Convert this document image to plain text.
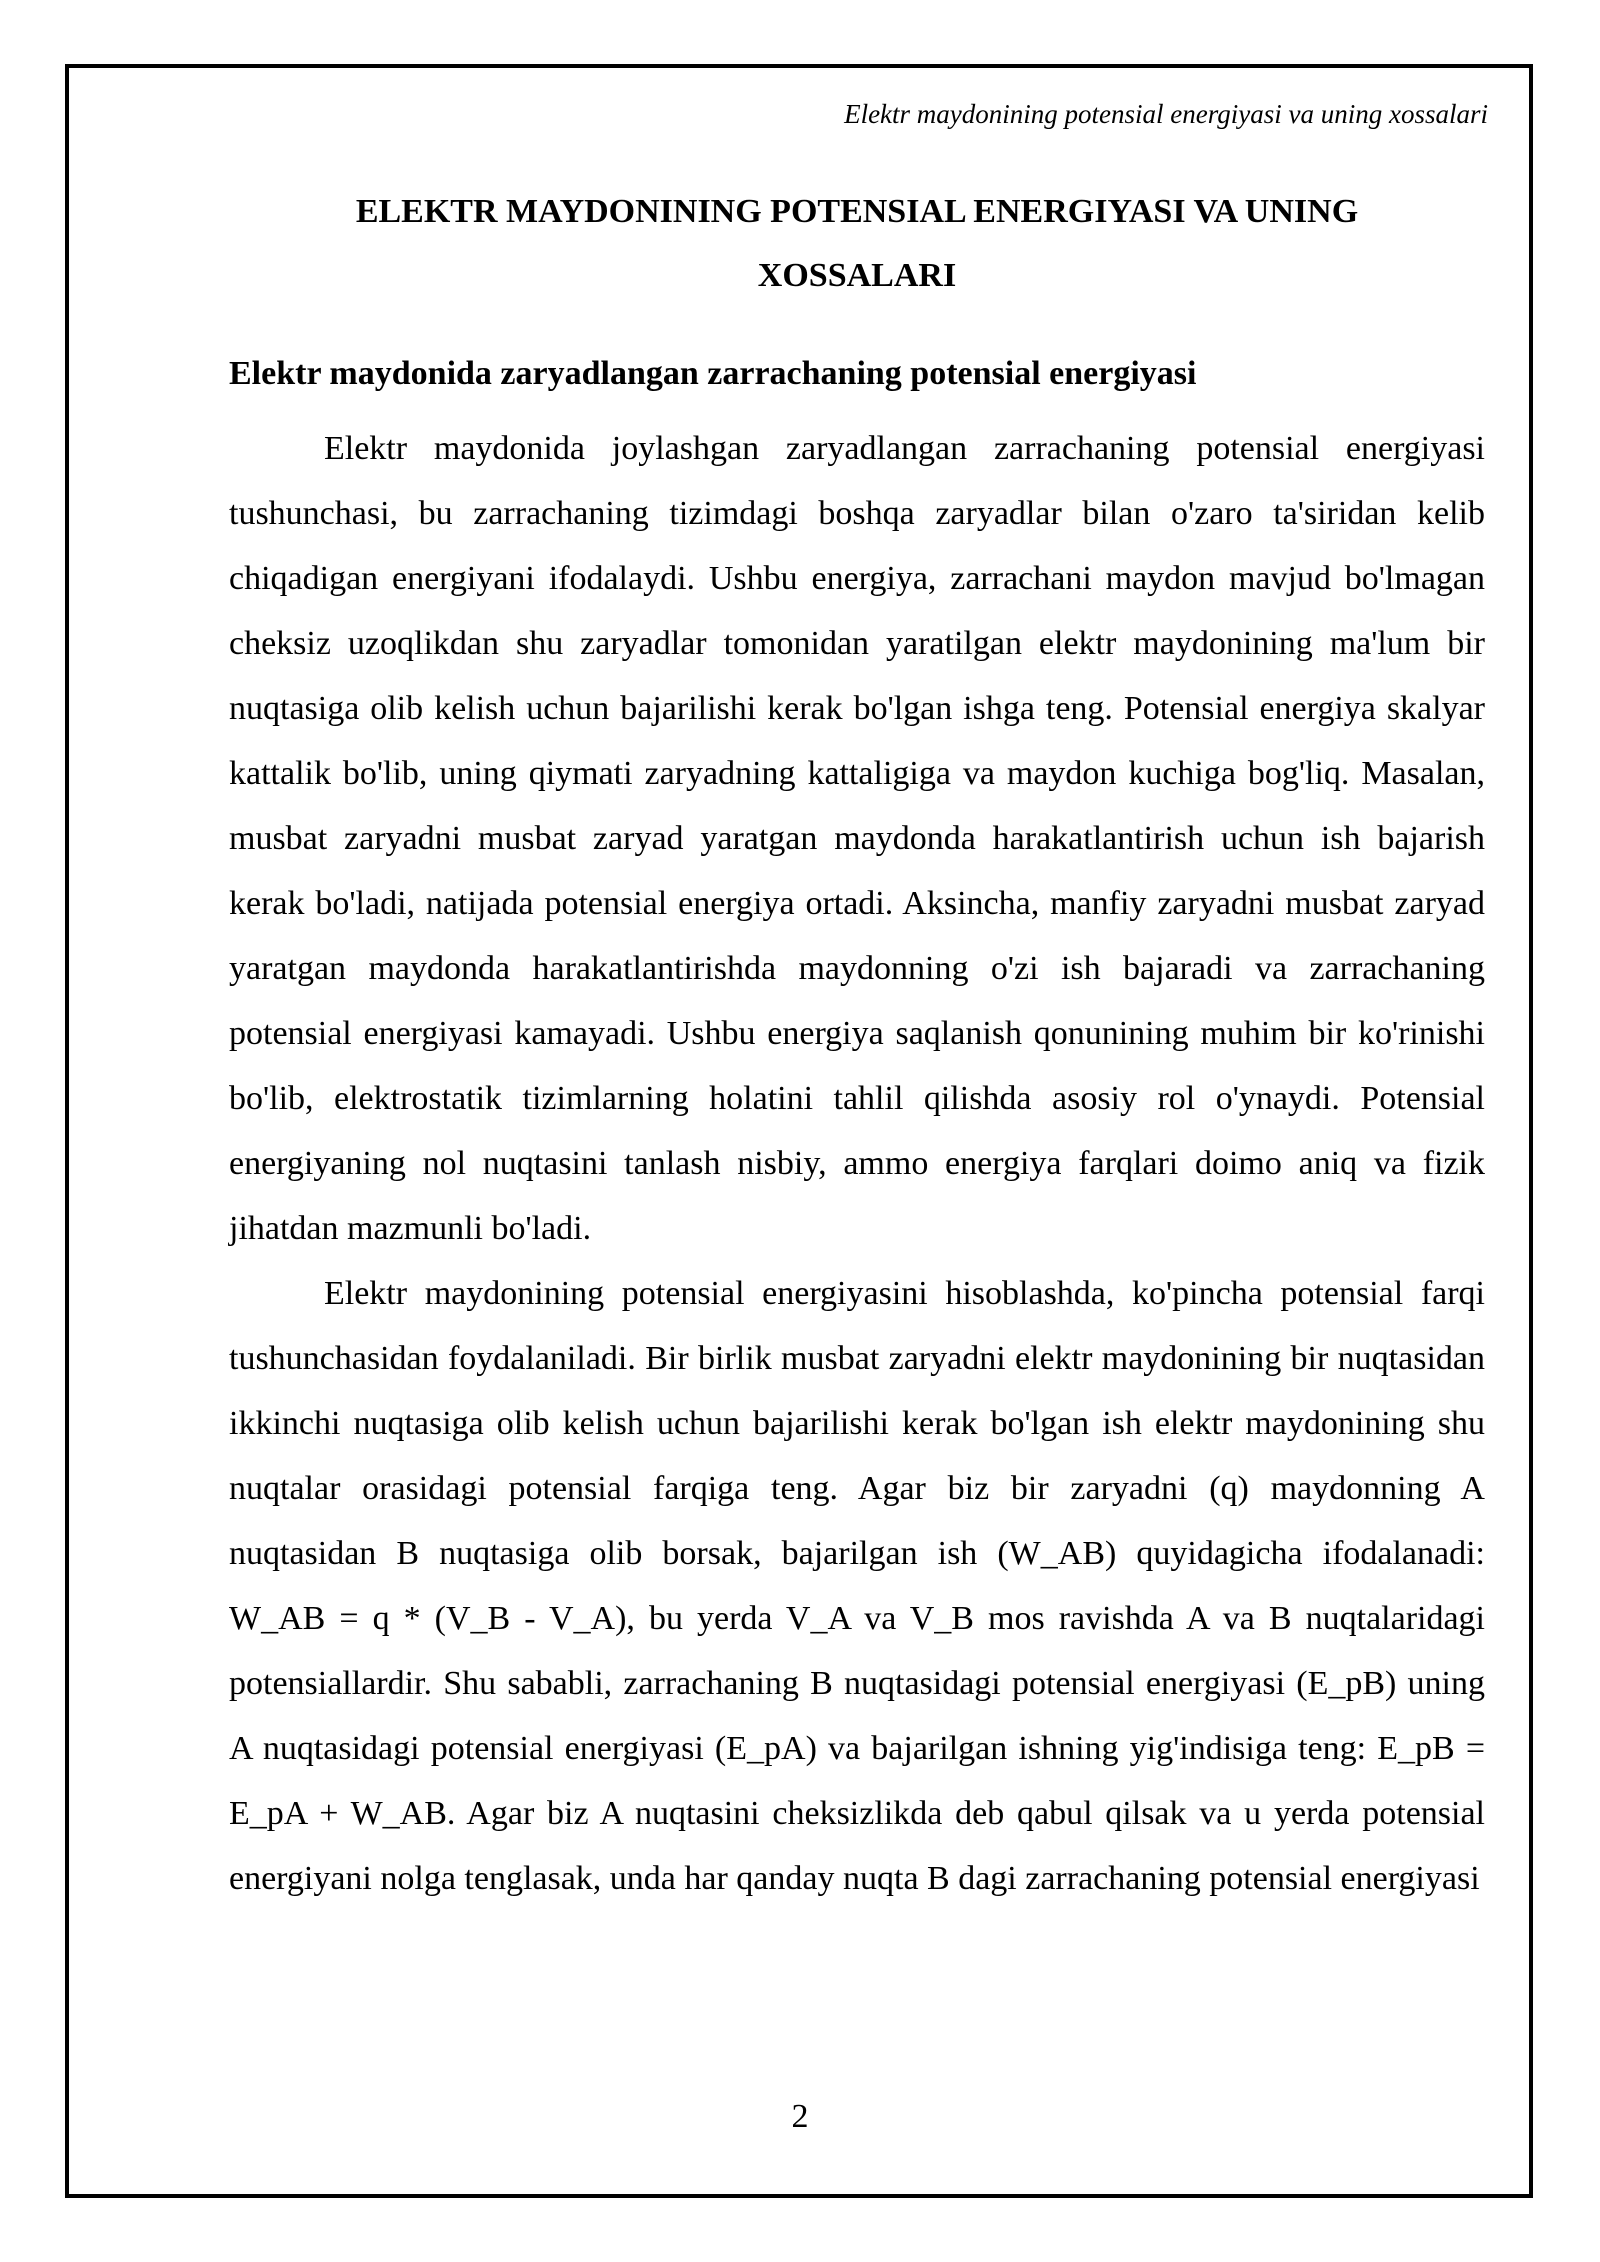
Elektr maydonining potensial energiyasi va uning xossalari
ELEKTR MAYDONINING POTENSIAL ENERGIYASI VA UNING XOSSALARI
Elektr maydonida zaryadlangan zarrachaning potensial energiyasi

Elektr maydonida joylashgan zaryadlangan zarrachaning potensial energiyasi tushunchasi, bu zarrachaning tizimdagi boshqa zaryadlar bilan o'zaro ta'siridan kelib chiqadigan energiyani ifodalaydi. Ushbu energiya, zarrachani maydon mavjud bo'lmagan cheksiz uzoqlikdan shu zaryadlar tomonidan yaratilgan elektr maydonining ma'lum bir nuqtasiga olib kelish uchun bajarilishi kerak bo'lgan ishga teng. Potensial energiya skalyar kattalik bo'lib, uning qiymati zaryadning kattaligiga va maydon kuchiga bog'liq. Masalan, musbat zaryadni musbat zaryad yaratgan maydonda harakatlantirish uchun ish bajarish kerak bo'ladi, natijada potensial energiya ortadi. Aksincha, manfiy zaryadni musbat zaryad yaratgan maydonda harakatlantirishda maydonning o'zi ish bajaradi va zarrachaning potensial energiyasi kamayadi. Ushbu energiya saqlanish qonunining muhim bir ko'rinishi bo'lib, elektrostatik tizimlarning holatini tahlil qilishda asosiy rol o'ynaydi. Potensial energiyaning nol nuqtasini tanlash nisbiy, ammo energiya farqlari doimo aniq va fizik jihatdan mazmunli bo'ladi.

Elektr maydonining potensial energiyasini hisoblashda, ko'pincha potensial farqi tushunchasidan foydalaniladi. Bir birlik musbat zaryadni elektr maydonining bir nuqtasidan ikkinchi nuqtasiga olib kelish uchun bajarilishi kerak bo'lgan ish elektr maydonining shu nuqtalar orasidagi potensial farqiga teng. Agar biz bir zaryadni (q) maydonning A nuqtasidan B nuqtasiga olib borsak, bajarilgan ish (W_AB) quyidagicha ifodalanadi: W_AB = q * (V_B - V_A), bu yerda V_A va V_B mos ravishda A va B nuqtalaridagi potensiallardir. Shu sababli, zarrachaning B nuqtasidagi potensial energiyasi (E_pB) uning A nuqtasidagi potensial energiyasi (E_pA) va bajarilgan ishning yig'indisiga teng: E_pB = E_pA + W_AB. Agar biz A nuqtasini cheksizlikda deb qabul qilsak va u yerda potensial energiyani nolga tenglasak, unda har qanday nuqta B dagi zarrachaning potensial energiyasi

2
